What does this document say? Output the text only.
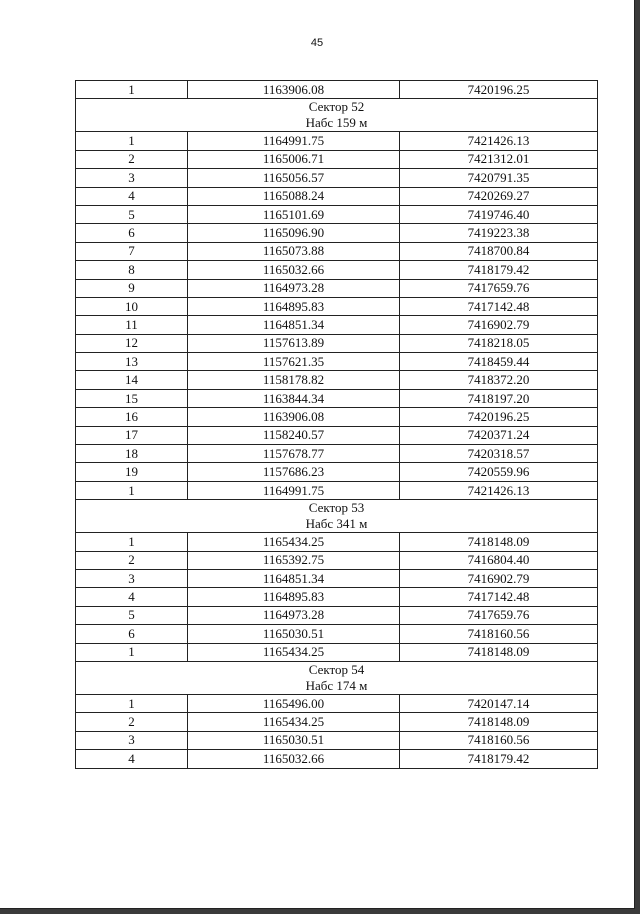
45
1	1163906.08	7420196.25

Сектор 52
Набс 159 м		

1	1164991.75	7421426.13
2	1165006.71	7421312.01
3	1165056.57	7420791.35
4	1165088.24	7420269.27
5	1165101.69	7419746.40
6	1165096.90	7419223.38
7	1165073.88	7418700.84
8	1165032.66	7418179.42
9	1164973.28	7417659.76
10	1164895.83	7417142.48
11	1164851.34	7416902.79
12	1157613.89	7418218.05
13	1157621.35	7418459.44
14	1158178.82	7418372.20
15	1163844.34	7418197.20
16	1163906.08	7420196.25
17	1158240.57	7420371.24
18	1157678.77	7420318.57
19	1157686.23	7420559.96
1	1164991.75	7421426.13

Сектор 53
Набс 341 м		

1	1165434.25	7418148.09
2	1165392.75	7416804.40
3	1164851.34	7416902.79
4	1164895.83	7417142.48
5	1164973.28	7417659.76
6	1165030.51	7418160.56
1	1165434.25	7418148.09

Сектор 54
Набс 174 м		

1	1165496.00	7420147.14
2	1165434.25	7418148.09
3	1165030.51	7418160.56
4	1165032.66	7418179.42
